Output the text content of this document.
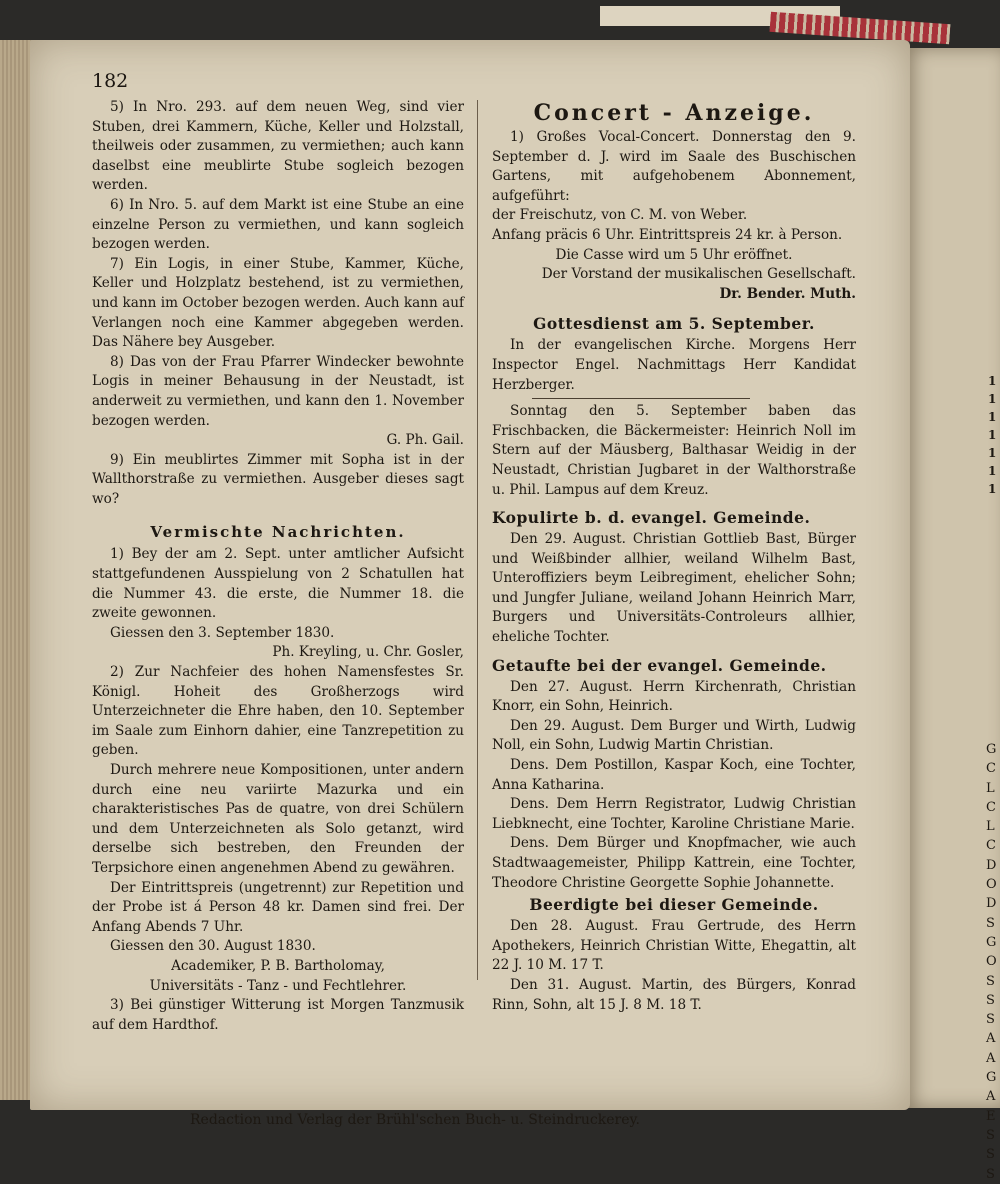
182

5) In Nro. 293. auf dem neuen Weg, sind vier Stuben, drei Kammern, Küche, Keller und Holzstall, theilweis oder zusammen, zu vermiethen; auch kann daselbst eine meublirte Stube sogleich bezogen werden.

6) In Nro. 5. auf dem Markt ist eine Stube an eine einzelne Person zu vermiethen, und kann sogleich bezogen werden.

7) Ein Logis, in einer Stube, Kammer, Küche, Keller und Holzplatz bestehend, ist zu vermiethen, und kann im October bezogen werden. Auch kann auf Verlangen noch eine Kammer abgegeben werden. Das Nähere bey Ausgeber.

8) Das von der Frau Pfarrer Windecker bewohnte Logis in meiner Behausung in der Neustadt, ist anderweit zu vermiethen, und kann den 1. November bezogen werden.

G. Ph. Gail.

9) Ein meublirtes Zimmer mit Sopha ist in der Wallthorstraße zu vermiethen. Ausgeber dieses sagt wo?

Vermischte Nachrichten.

1) Bey der am 2. Sept. unter amtlicher Aufsicht stattgefundenen Ausspielung von 2 Schatullen hat die Nummer 43. die erste, die Nummer 18. die zweite gewonnen.

Giessen den 3. September 1830.

Ph. Kreyling, u. Chr. Gosler,

2) Zur Nachfeier des hohen Namensfestes Sr. Königl. Hoheit des Großherzogs wird Unterzeichneter die Ehre haben, den 10. September im Saale zum Einhorn dahier, eine Tanzrepetition zu geben.

Durch mehrere neue Kompositionen, unter andern durch eine neu variirte Mazurka und ein charakteristisches Pas de quatre, von drei Schülern und dem Unterzeichneten als Solo getanzt, wird derselbe sich bestreben, den Freunden der Terpsichore einen angenehmen Abend zu gewähren.

Der Eintrittspreis (ungetrennt) zur Repetition und der Probe ist á Person 48 kr. Damen sind frei. Der Anfang Abends 7 Uhr.

Giessen den 30. August 1830.

Academiker, P. B. Bartholomay,

Universitäts - Tanz - und Fechtlehrer.

3) Bei günstiger Witterung ist Morgen Tanzmusik auf dem Hardthof.

Concert - Anzeige.

1) Großes Vocal-Concert. Donnerstag den 9. September d. J. wird im Saale des Buschischen Gartens, mit aufgehobenem Abonnement, aufgeführt:

der Freischutz, von C. M. von Weber.

Anfang präcis 6 Uhr. Eintrittspreis 24 kr. à Person.

Die Casse wird um 5 Uhr eröffnet.

Der Vorstand der musikalischen Gesellschaft.

Dr. Bender. Muth.

Gottesdienst am 5. September.

In der evangelischen Kirche. Morgens Herr Inspector Engel. Nachmittags Herr Kandidat Herzberger.

Sonntag den 5. September baben das Frischbacken, die Bäckermeister: Heinrich Noll im Stern auf der Mäusberg, Balthasar Weidig in der Neustadt, Christian Jugbaret in der Walthorstraße u. Phil. Lampus auf dem Kreuz.

Kopulirte b. d. evangel. Gemeinde.

Den 29. August. Christian Gottlieb Bast, Bürger und Weißbinder allhier, weiland Wilhelm Bast, Unteroffiziers beym Leibregiment, ehelicher Sohn; und Jungfer Juliane, weiland Johann Heinrich Marr, Burgers und Universitäts-Controleurs allhier, eheliche Tochter.

Getaufte bei der evangel. Gemeinde.

Den 27. August. Herrn Kirchenrath, Christian Knorr, ein Sohn, Heinrich.

Den 29. August. Dem Burger und Wirth, Ludwig Noll, ein Sohn, Ludwig Martin Christian.

Dens. Dem Postillon, Kaspar Koch, eine Tochter, Anna Katharina.

Dens. Dem Herrn Registrator, Ludwig Christian Liebknecht, eine Tochter, Karoline Christiane Marie.

Dens. Dem Bürger und Knopfmacher, wie auch Stadtwaagemeister, Philipp Kattrein, eine Tochter, Theodore Christine Georgette Sophie Johannette.

Beerdigte bei dieser Gemeinde.

Den 28. August. Frau Gertrude, des Herrn Apothekers, Heinrich Christian Witte, Ehegattin, alt 22 J. 10 M. 17 T.

Den 31. August. Martin, des Bürgers, Konrad Rinn, Sohn, alt 15 J. 8 M. 18 T.

Redaction und Verlag der Brühl'schen Buch- u. Steindruckerey.
1 1 1 1 1 1 1
G C L C L C D O D S G O S S S A A G A E S S S
